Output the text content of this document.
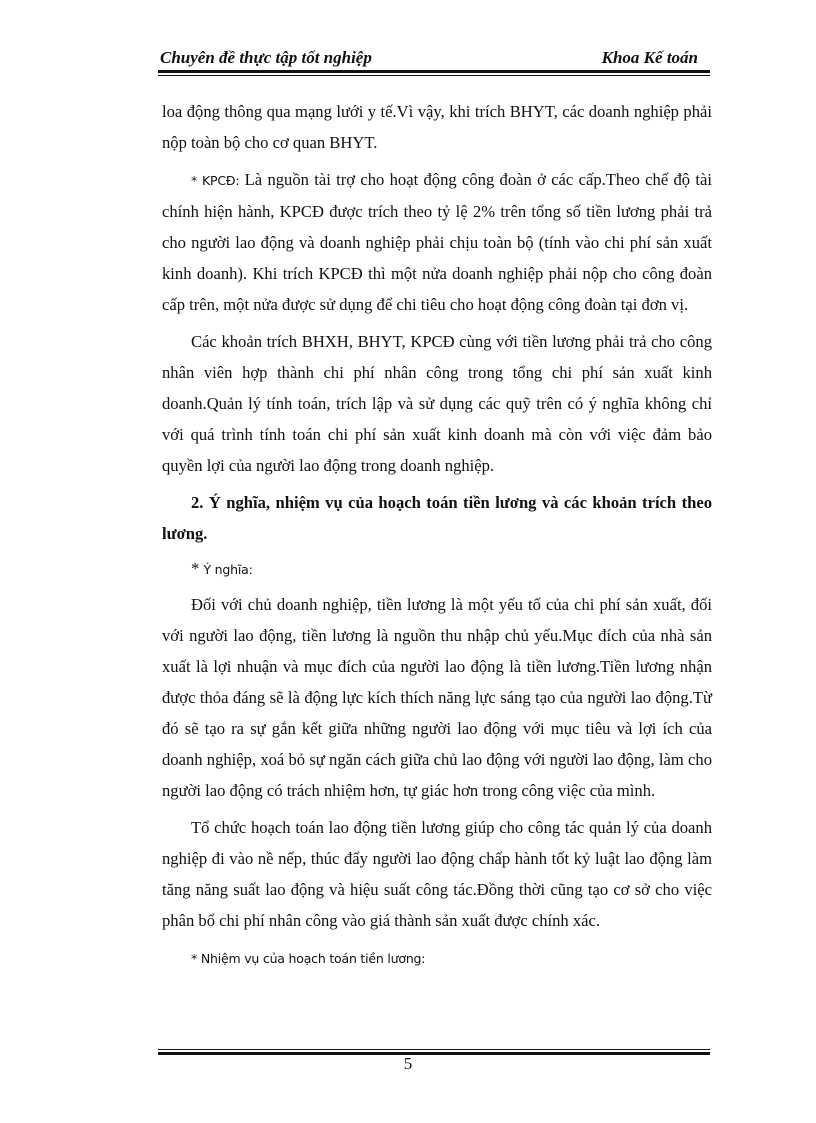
Chuyên đề thực tập tốt nghiệp	Khoa Kế toán

loa động thông qua mạng lưới y tế.Vì vậy, khi trích BHYT, các doanh nghiệp phải nộp toàn bộ cho cơ quan BHYT.

* KPCĐ: Là nguồn tài trợ cho hoạt động công đoàn ở các cấp.Theo chế độ tài chính hiện hành, KPCĐ được trích theo tỷ lệ 2% trên tổng số tiền lương phải trả cho người lao động và doanh nghiệp phải chịu toàn bộ (tính vào chi phí sản xuất kinh doanh). Khi trích KPCĐ thì một nửa doanh nghiệp phải nộp cho công đoàn cấp trên, một nửa được sử dụng để chi tiêu cho hoạt động công đoàn tại đơn vị.

Các khoản trích BHXH, BHYT, KPCĐ cùng với tiền lương phải trả cho công nhân viên hợp thành chi phí nhân công trong tổng chi phí sản xuất kinh doanh.Quản lý tính toán, trích lập và sử dụng các quỹ trên có ý nghĩa không chỉ với quá trình tính toán chi phí sản xuất kinh doanh mà còn với việc đảm bảo quyền lợi của người lao động trong doanh nghiệp.

2. Ý nghĩa, nhiệm vụ của hoạch toán tiền lương và các khoản trích theo lương.

* Ý nghĩa:

Đối với chủ doanh nghiệp, tiền lương là một yếu tố của chi phí sản xuất, đối với người lao động, tiền lương là nguồn thu nhập chủ yếu.Mục đích của nhà sản xuất là lợi nhuận và mục đích của người lao động là tiền lương.Tiền lương nhận được thỏa đáng sẽ là động lực kích thích năng lực sáng tạo của người lao động.Từ đó sẽ tạo ra sự gắn kết giữa những người lao động với mục tiêu và lợi ích của doanh nghiệp, xoá bỏ sự ngăn cách giữa chủ lao động với người lao động, làm cho người lao động có trách nhiệm hơn, tự giác hơn trong công việc của mình.

Tổ chức hoạch toán lao động tiền lương giúp cho công tác quản lý của doanh nghiệp đi vào nề nếp, thúc đẩy người lao động chấp hành tốt kỷ luật lao động làm tăng năng suất lao động và hiệu suất công tác.Đồng thời cũng tạo cơ sở cho việc phân bổ chi phí nhân công vào giá thành sản xuất được chính xác.

* Nhiệm vụ của hoạch toán tiền lương:

5
